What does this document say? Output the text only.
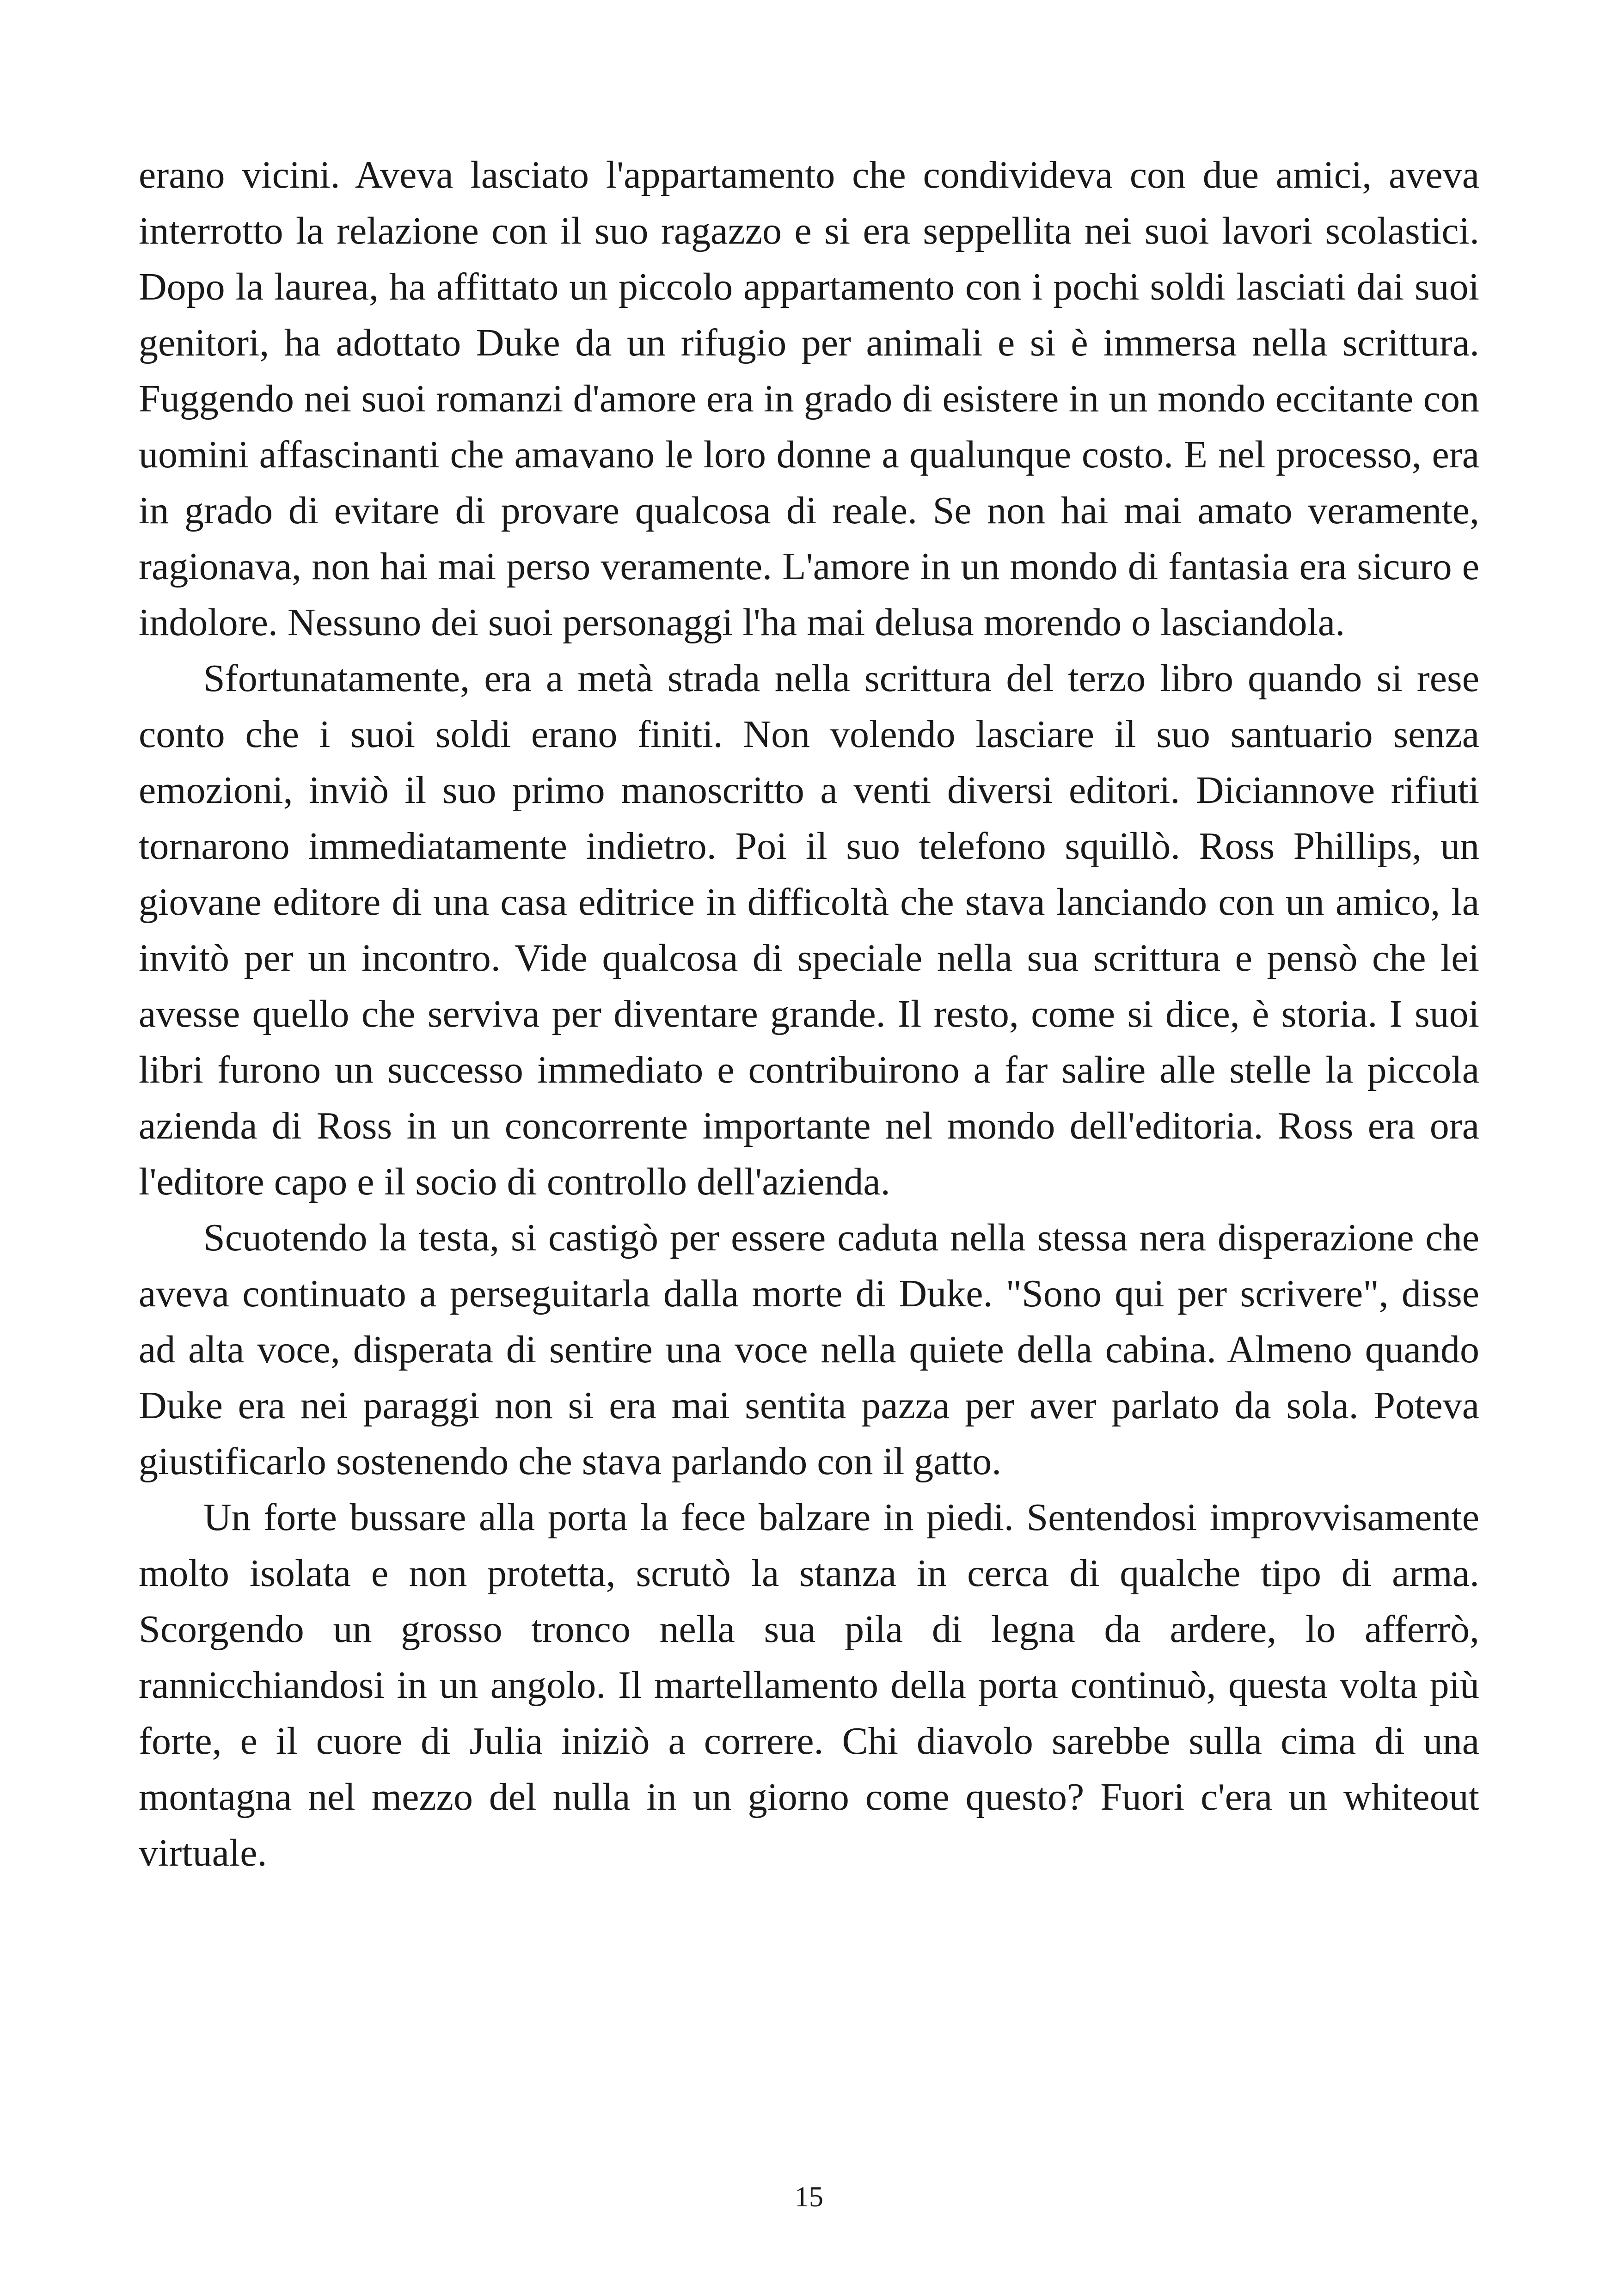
erano vicini. Aveva lasciato l'appartamento che condivideva con due amici, aveva interrotto la relazione con il suo ragazzo e si era seppellita nei suoi lavori scolastici. Dopo la laurea, ha affittato un piccolo appartamento con i pochi soldi lasciati dai suoi genitori, ha adottato Duke da un rifugio per animali e si è immersa nella scrittura. Fuggendo nei suoi romanzi d'amore era in grado di esistere in un mondo eccitante con uomini affascinanti che amavano le loro donne a qualunque costo. E nel processo, era in grado di evitare di provare qualcosa di reale. Se non hai mai amato veramente, ragionava, non hai mai perso veramente. L'amore in un mondo di fantasia era sicuro e indolore. Nessuno dei suoi personaggi l'ha mai delusa morendo o lasciandola.

Sfortunatamente, era a metà strada nella scrittura del terzo libro quando si rese conto che i suoi soldi erano finiti. Non volendo lasciare il suo santuario senza emozioni, inviò il suo primo manoscritto a venti diversi editori. Diciannove rifiuti tornarono immediatamente indietro. Poi il suo telefono squillò. Ross Phillips, un giovane editore di una casa editrice in difficoltà che stava lanciando con un amico, la invitò per un incontro. Vide qualcosa di speciale nella sua scrittura e pensò che lei avesse quello che serviva per diventare grande. Il resto, come si dice, è storia. I suoi libri furono un successo immediato e contribuirono a far salire alle stelle la piccola azienda di Ross in un concorrente importante nel mondo dell'editoria. Ross era ora l'editore capo e il socio di controllo dell'azienda.

Scuotendo la testa, si castigò per essere caduta nella stessa nera disperazione che aveva continuato a perseguitarla dalla morte di Duke. "Sono qui per scrivere", disse ad alta voce, disperata di sentire una voce nella quiete della cabina. Almeno quando Duke era nei paraggi non si era mai sentita pazza per aver parlato da sola. Poteva giustificarlo sostenendo che stava parlando con il gatto.

Un forte bussare alla porta la fece balzare in piedi. Sentendosi improvvisamente molto isolata e non protetta, scrutò la stanza in cerca di qualche tipo di arma. Scorgendo un grosso tronco nella sua pila di legna da ardere, lo afferrò, rannicchiandosi in un angolo. Il martellamento della porta continuò, questa volta più forte, e il cuore di Julia iniziò a correre. Chi diavolo sarebbe sulla cima di una montagna nel mezzo del nulla in un giorno come questo? Fuori c'era un whiteout virtuale.

15
